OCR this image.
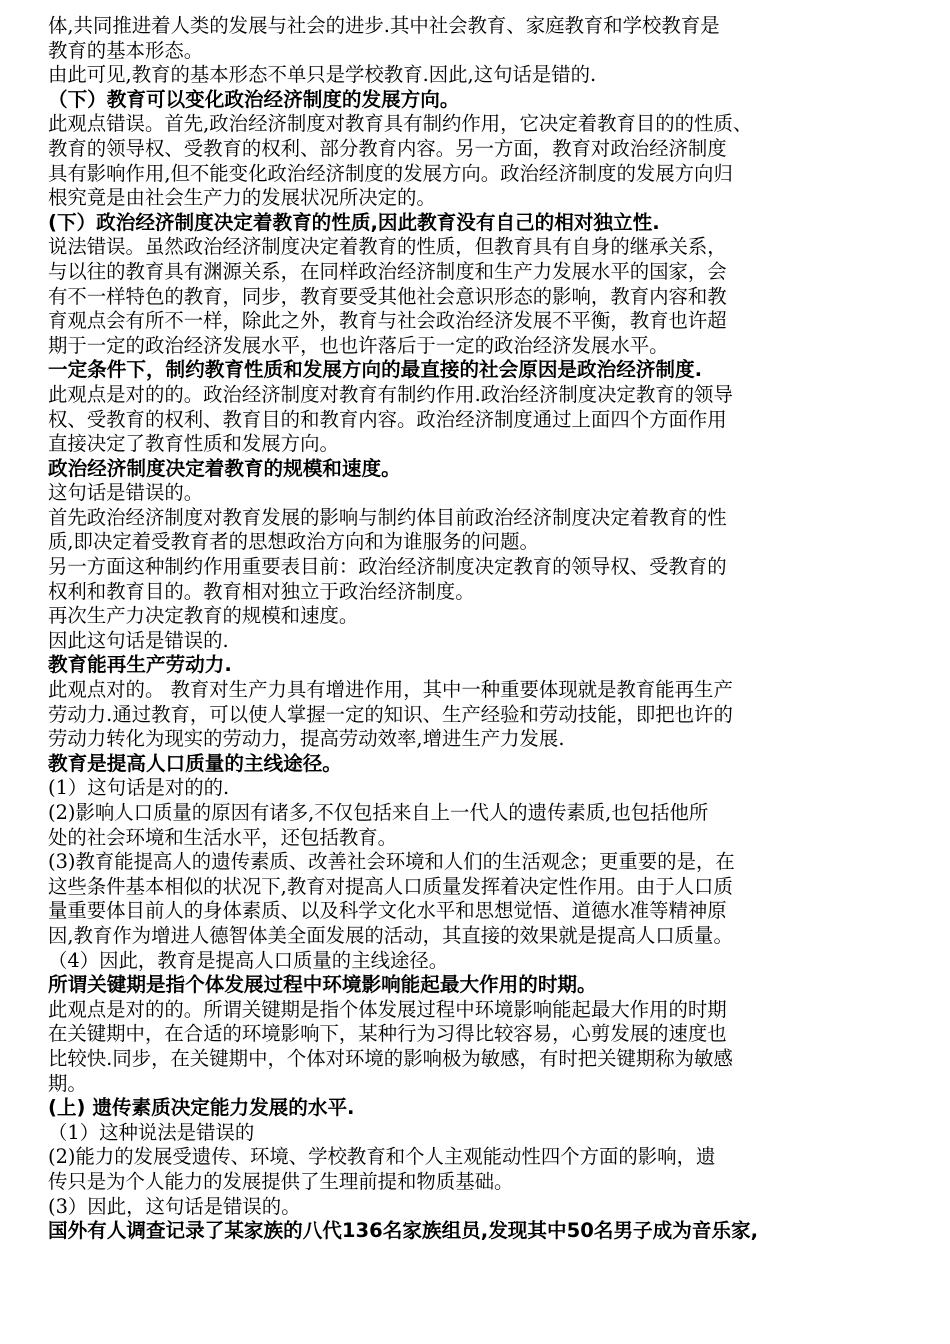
体,共同推进着人类的发展与社会的进步.其中社会教育、家庭教育和学校教育是
教育的基本形态。
由此可见,教育的基本形态不单只是学校教育.因此,这句话是错的.
（下）教育可以变化政治经济制度的发展方向。
此观点错误。首先,政治经济制度对教育具有制约作用，它决定着教育目的的性质、
教育的领导权、受教育的权利、部分教育内容。另一方面，教育对政治经济制度
具有影响作用,但不能变化政治经济制度的发展方向。政治经济制度的发展方向归
根究竟是由社会生产力的发展状况所决定的。
(下）政治经济制度决定着教育的性质,因此教育没有自己的相对独立性.
说法错误。虽然政治经济制度决定着教育的性质，但教育具有自身的继承关系，
与以往的教育具有渊源关系，在同样政治经济制度和生产力发展水平的国家，会
有不一样特色的教育，同步，教育要受其他社会意识形态的影响，教育内容和教
育观点会有所不一样，除此之外，教育与社会政治经济发展不平衡，教育也许超
期于一定的政治经济发展水平，也也许落后于一定的政治经济发展水平。
一定条件下，制约教育性质和发展方向的最直接的社会原因是政治经济制度.
此观点是对的的。政治经济制度对教育有制约作用.政治经济制度决定教育的领导
权、受教育的权利、教育目的和教育内容。政治经济制度通过上面四个方面作用
直接决定了教育性质和发展方向。
政治经济制度决定着教育的规模和速度。
这句话是错误的。
首先政治经济制度对教育发展的影响与制约体目前政治经济制度决定着教育的性
质,即决定着受教育者的思想政治方向和为谁服务的问题。
另一方面这种制约作用重要表目前：政治经济制度决定教育的领导权、受教育的
权利和教育目的。教育相对独立于政治经济制度。
再次生产力决定教育的规模和速度。
因此这句话是错误的.
教育能再生产劳动力.
此观点对的。 教育对生产力具有增进作用，其中一种重要体现就是教育能再生产
劳动力.通过教育，可以使人掌握一定的知识、生产经验和劳动技能，即把也许的
劳动力转化为现实的劳动力，提高劳动效率,增进生产力发展.
教育是提高人口质量的主线途径。
(1）这句话是对的的.
(2)影响人口质量的原因有诸多,不仅包括来自上一代人的遗传素质,也包括他所
处的社会环境和生活水平，还包括教育。
(3)教育能提高人的遗传素质、改善社会环境和人们的生活观念；更重要的是，在
这些条件基本相似的状况下,教育对提高人口质量发挥着决定性作用。由于人口质
量重要体目前人的身体素质、以及科学文化水平和思想觉悟、道德水准等精神原
因,教育作为增进人德智体美全面发展的活动，其直接的效果就是提高人口质量。
（4）因此，教育是提高人口质量的主线途径。
所谓关键期是指个体发展过程中环境影响能起最大作用的时期。
此观点是对的的。所谓关键期是指个体发展过程中环境影响能起最大作用的时期
在关键期中，在合适的环境影响下，某种行为习得比较容易，心剪发展的速度也
比较快.同步，在关键期中，个体对环境的影响极为敏感，有时把关键期称为敏感
期。
(上) 遗传素质决定能力发展的水平.
（1）这种说法是错误的
(2)能力的发展受遗传、环境、学校教育和个人主观能动性四个方面的影响，遗
传只是为个人能力的发展提供了生理前提和物质基础。
(3）因此，这句话是错误的。
国外有人调查记录了某家族的八代136名家族组员,发现其中50名男子成为音乐家,
